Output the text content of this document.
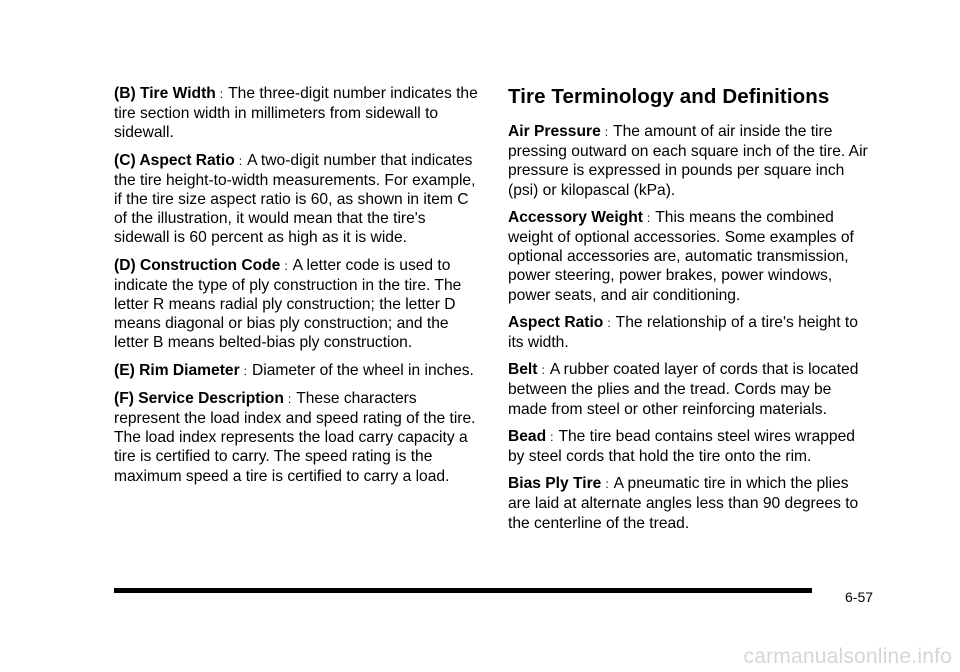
(B) Tire Width : The three-digit number indicates the tire section width in millimeters from sidewall to sidewall.
(C) Aspect Ratio : A two-digit number that indicates the tire height-to-width measurements. For example, if the tire size aspect ratio is 60, as shown in item C of the illustration, it would mean that the tire's sidewall is 60 percent as high as it is wide.
(D) Construction Code : A letter code is used to indicate the type of ply construction in the tire. The letter R means radial ply construction; the letter D means diagonal or bias ply construction; and the letter B means belted-bias ply construction.
(E) Rim Diameter : Diameter of the wheel in inches.
(F) Service Description : These characters represent the load index and speed rating of the tire. The load index represents the load carry capacity a tire is certified to carry. The speed rating is the maximum speed a tire is certified to carry a load.
Tire Terminology and Definitions
Air Pressure : The amount of air inside the tire pressing outward on each square inch of the tire. Air pressure is expressed in pounds per square inch (psi) or kilopascal (kPa).
Accessory Weight : This means the combined weight of optional accessories. Some examples of optional accessories are, automatic transmission, power steering, power brakes, power windows, power seats, and air conditioning.
Aspect Ratio : The relationship of a tire's height to its width.
Belt : A rubber coated layer of cords that is located between the plies and the tread. Cords may be made from steel or other reinforcing materials.
Bead : The tire bead contains steel wires wrapped by steel cords that hold the tire onto the rim.
Bias Ply Tire : A pneumatic tire in which the plies are laid at alternate angles less than 90 degrees to the centerline of the tread.
6-57
carmanualsonline.info
